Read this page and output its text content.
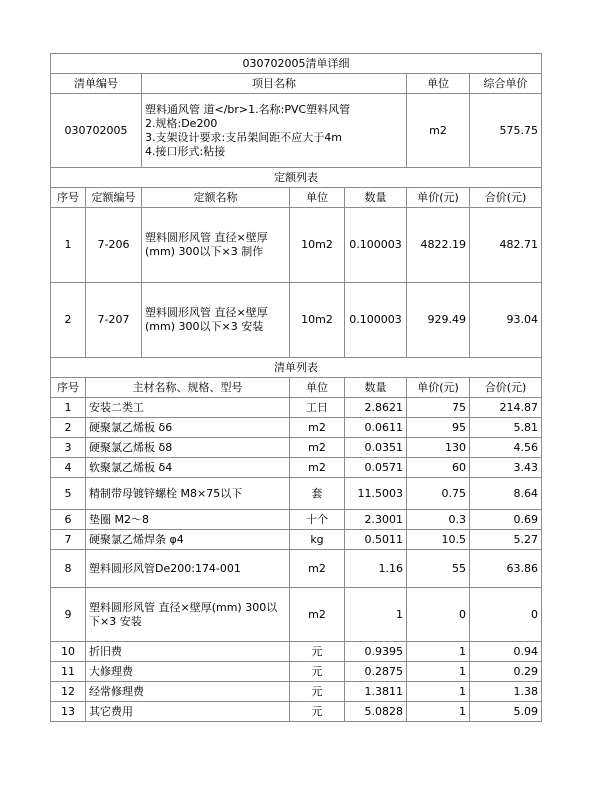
030702005清单详细						
清单编号		项目名称			单位	综合单价
030702005		塑料通风管 道</br>1.名称:PVC塑料风管
2.规格:De200
3.支架设计要求:支吊架间距不应大于4m
4.接口形式:粘接			m2	575.75
定额列表						
序号	定额编号	定额名称	单位	数量	单价(元)	合价(元)
1	7-206	塑料圆形风管 直径×壁厚(mm) 300以下×3 制作	10m2	0.100003	4822.19	482.71
2	7-207	塑料圆形风管 直径×壁厚(mm) 300以下×3 安装	10m2	0.100003	929.49	93.04
清单列表						
序号	主材名称、规格、型号		单位	数量	单价(元)	合价(元)
1	安装二类工		工日	2.8621	75	214.87
2	硬聚氯乙烯板 δ6		m2	0.0611	95	5.81
3	硬聚氯乙烯板 δ8		m2	0.0351	130	4.56
4	软聚氯乙烯板 δ4		m2	0.0571	60	3.43
5	精制带母镀锌螺栓 M8×75以下		套	11.5003	0.75	8.64
6	垫圈 M2～8		十个	2.3001	0.3	0.69
7	硬聚氯乙烯焊条 φ4		kg	0.5011	10.5	5.27
8	塑料圆形风管De200:174-001		m2	1.16	55	63.86
9	塑料圆形风管 直径×壁厚(mm) 300以下×3 安装		m2	1	0	0
10	折旧费		元	0.9395	1	0.94
11	大修理费		元	0.2875	1	0.29
12	经常修理费		元	1.3811	1	1.38
13	其它费用		元	5.0828	1	5.09
